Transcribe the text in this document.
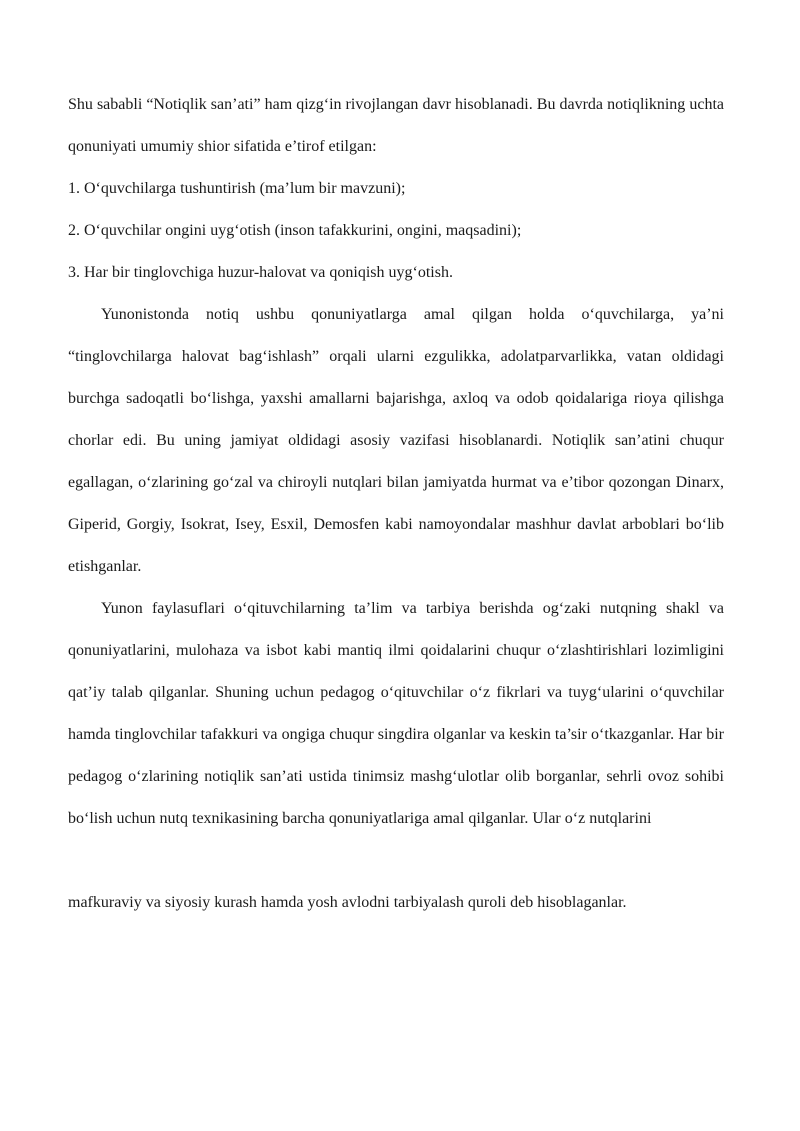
Shu sababli “Notiqlik san’ati” ham qizg‘in rivojlangan davr hisoblanadi. Bu davrda notiqlikning uchta qonuniyati umumiy shior sifatida e’tirof etilgan:

1. O‘quvchilarga tushuntirish (ma’lum bir mavzuni);

2. O‘quvchilar ongini uyg‘otish (inson tafakkurini, ongini, maqsadini);

3. Har bir tinglovchiga huzur-halovat va qoniqish uyg‘otish.

Yunonistonda notiq ushbu qonuniyatlarga amal qilgan holda o‘quvchilarga, ya’ni “tinglovchilarga halovat bag‘ishlash” orqali ularni ezgulikka, adolatparvarlikka, vatan oldidagi burchga sadoqatli bo‘lishga, yaxshi amallarni bajarishga, axloq va odob qoidalariga rioya qilishga chorlar edi. Bu uning jamiyat oldidagi asosiy vazifasi hisoblanardi. Notiqlik san’atini chuqur egallagan, o‘zlarining go‘zal va chiroyli nutqlari bilan jamiyatda hurmat va e’tibor qozongan Dinarx, Giperid, Gorgiy, Isokrat, Isey, Esxil, Demosfen kabi namoyondalar mashhur davlat arboblari bo‘lib etishganlar.

Yunon faylasuflari o‘qituvchilarning ta’lim va tarbiya berishda og‘zaki nutqning shakl va qonuniyatlarini, mulohaza va isbot kabi mantiq ilmi qoidalarini chuqur o‘zlashtirishlari lozimligini qat’iy talab qilganlar. Shuning uchun pedagog o‘qituvchilar o‘z fikrlari va tuyg‘ularini o‘quvchilar hamda tinglovchilar tafakkuri va ongiga chuqur singdira olganlar va keskin ta’sir o‘tkazganlar. Har bir pedagog o‘zlarining notiqlik san’ati ustida tinimsiz mashg‘ulotlar olib borganlar, sehrli ovoz sohibi bo‘lish uchun nutq texnikasining barcha qonuniyatlariga amal qilganlar. Ular o‘z nutqlarini

mafkuraviy va siyosiy kurash hamda yosh avlodni tarbiyalash quroli deb hisoblaganlar.
